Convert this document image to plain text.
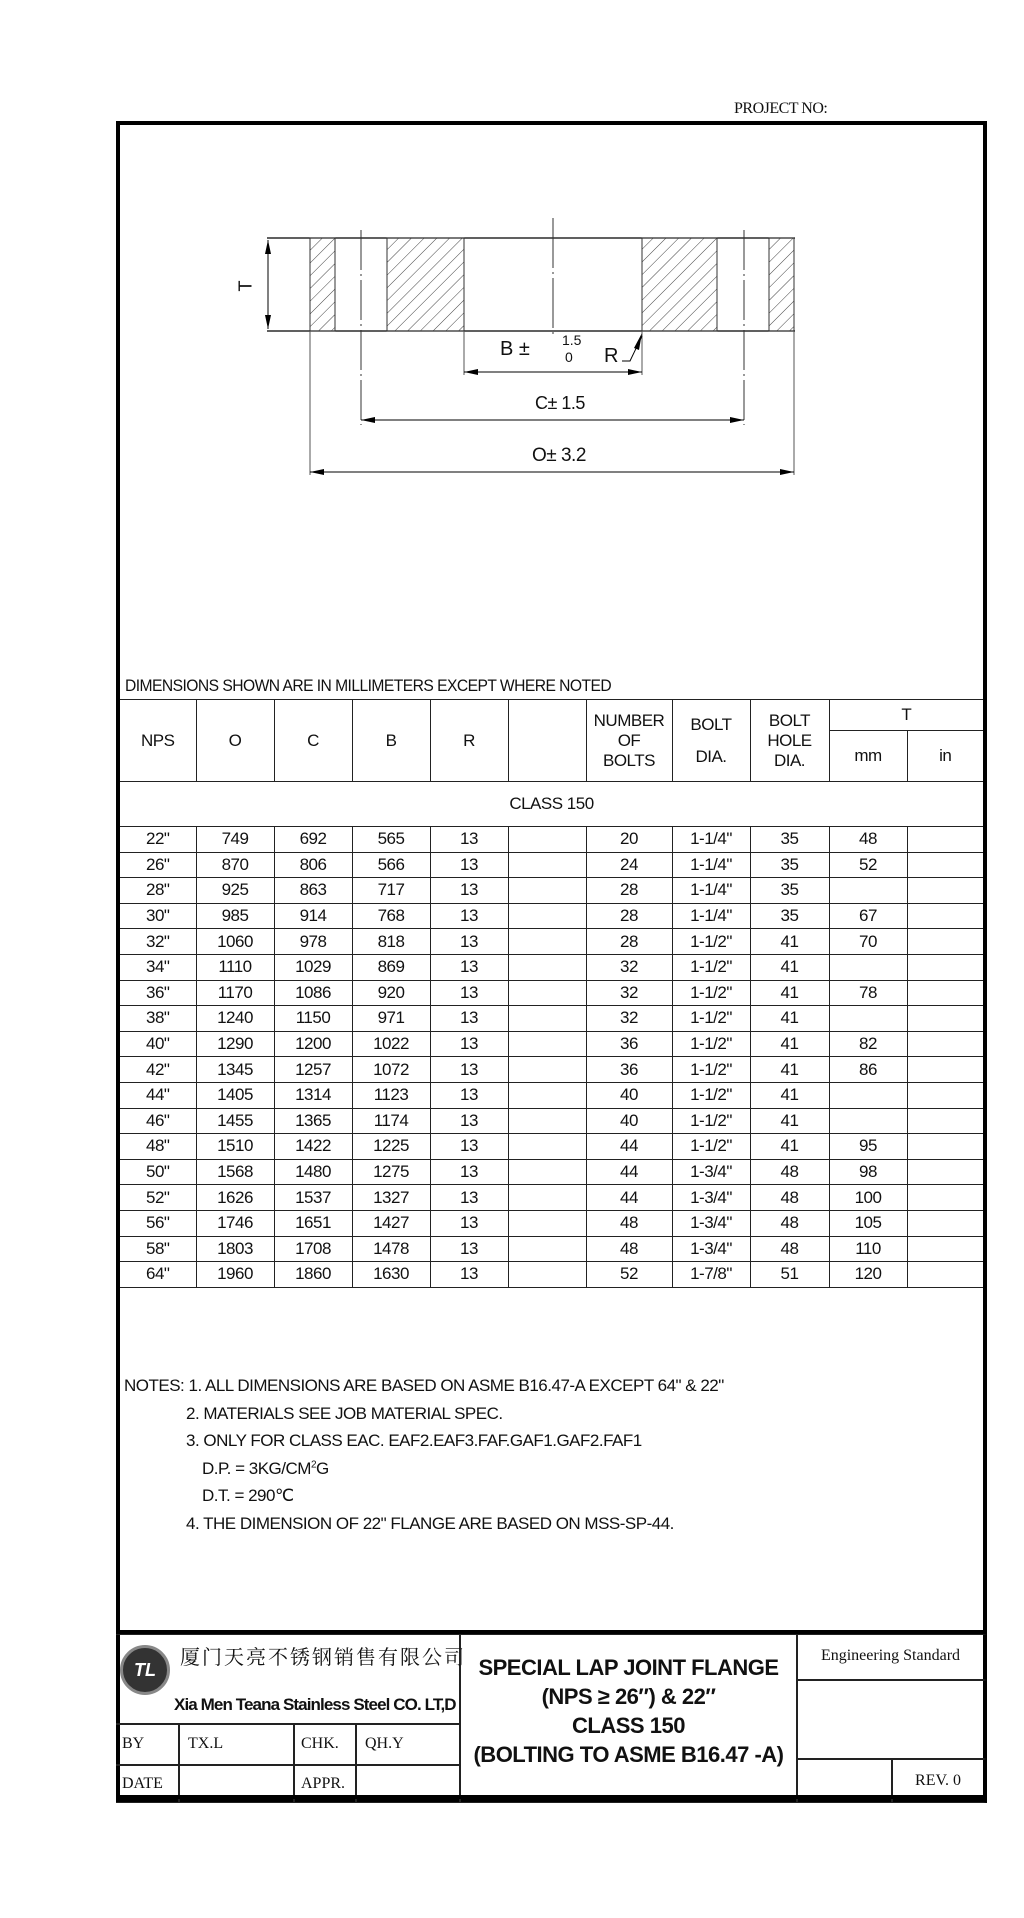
PROJECT NO:
T
B ± 1.5
0 R
C± 1.5
O± 3.2
DIMENSIONS SHOWN ARE IN MILLIMETERS EXCEPT WHERE NOTED
NPS	O	C	B	R		NUMBER OF BOLTS	BOLT DIA.	BOLT HOLE DIA.	T	
									mm	in
CLASS 150										
22"	749	692	565	13		20	1-1/4"	35	48	
26"	870	806	566	13		24	1-1/4"	35	52	
28"	925	863	717	13		28	1-1/4"	35		
30"	985	914	768	13		28	1-1/4"	35	67	
32"	1060	978	818	13		28	1-1/2"	41	70	
34"	1110	1029	869	13		32	1-1/2"	41		
36"	1170	1086	920	13		32	1-1/2"	41	78	
38"	1240	1150	971	13		32	1-1/2"	41		
40"	1290	1200	1022	13		36	1-1/2"	41	82	
42"	1345	1257	1072	13		36	1-1/2"	41	86	
44"	1405	1314	1123	13		40	1-1/2"	41		
46"	1455	1365	1174	13		40	1-1/2"	41		
48"	1510	1422	1225	13		44	1-1/2"	41	95	
50"	1568	1480	1275	13		44	1-3/4"	48	98	
52"	1626	1537	1327	13		44	1-3/4"	48	100	
56"	1746	1651	1427	13		48	1-3/4"	48	105	
58"	1803	1708	1478	13		48	1-3/4"	48	110	
64"	1960	1860	1630	13		52	1-7/8"	51	120	
NOTES: 1. ALL DIMENSIONS ARE BASED ON ASME B16.47-A EXCEPT 64" & 22"
2. MATERIALS SEE JOB MATERIAL SPEC.
3. ONLY FOR CLASS EAC. EAF2.EAF3.FAF.GAF1.GAF2.FAF1
D.P. = $3KG/CM^2G$
D.T. = 290℃
4. THE DIMENSION OF 22" FLANGE ARE BASED ON MSS-SP-44.
TL
厦门天亮不锈钢销售有限公司
Xia Men Teana Stainless Steel CO. LT,D
BY	TX.L	CHK.	QH.Y
DATE	APPR.
SPECIAL LAP JOINT FLANGE
(NPS ≥ 26″) & 22″
CLASS 150
(BOLTING TO ASME B16.47 -A)
Engineering Standard
REV. 0
